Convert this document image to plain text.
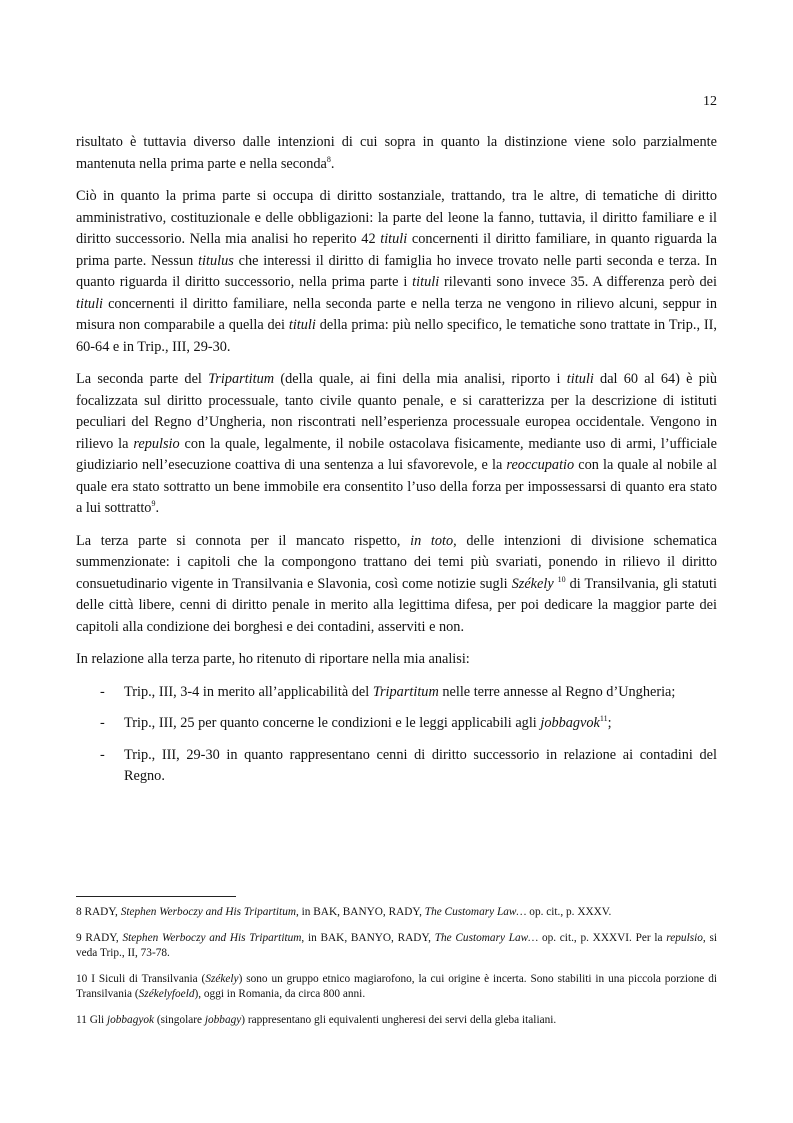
12

risultato è tuttavia diverso dalle intenzioni di cui sopra in quanto la distinzione viene solo parzialmente mantenuta nella prima parte e nella seconda$^8$.

Ciò in quanto la prima parte si occupa di diritto sostanziale, trattando, tra le altre, di tematiche di diritto amministrativo, costituzionale e delle obbligazioni: la parte del leone la fanno, tuttavia, il diritto familiare e il diritto successorio. Nella mia analisi ho reperito 42 tituli concernenti il diritto familiare, in quanto riguarda la prima parte. Nessun titulus che interessi il diritto di famiglia ho invece trovato nelle parti seconda e terza. In quanto riguarda il diritto successorio, nella prima parte i tituli rilevanti sono invece 35. A differenza però dei tituli concernenti il diritto familiare, nella seconda parte e nella terza ne vengono in rilievo alcuni, seppur in misura non comparabile a quella dei tituli della prima: più nello specifico, le tematiche sono trattate in Trip., II, 60-64 e in Trip., III, 29-30.

La seconda parte del Tripartitum (della quale, ai fini della mia analisi, riporto i tituli dal 60 al 64) è più focalizzata sul diritto processuale, tanto civile quanto penale, e si caratterizza per la descrizione di istituti peculiari del Regno d’Ungheria, non riscontrati nell’esperienza processuale europea occidentale. Vengono in rilievo la repulsio con la quale, legalmente, il nobile ostacolava fisicamente, mediante uso di armi, l’ufficiale giudiziario nell’esecuzione coattiva di una sentenza a lui sfavorevole, e la reoccupatio con la quale al nobile al quale era stato sottratto un bene immobile era consentito l’uso della forza per impossessarsi di quanto era stato a lui sottratto$^9$.

La terza parte si connota per il mancato rispetto, in toto, delle intenzioni di divisione schematica summenzionate: i capitoli che la compongono trattano dei temi più svariati, ponendo in rilievo il diritto consuetudinario vigente in Transilvania e Slavonia, così come notizie sugli Székely $^{10}$ di Transilvania, gli statuti delle città libere, cenni di diritto penale in merito alla legittima difesa, per poi dedicare la maggior parte dei capitoli alla condizione dei borghesi e dei contadini, asserviti e non.

In relazione alla terza parte, ho ritenuto di riportare nella mia analisi:

- Trip., III, 3-4 in merito all’applicabilità del Tripartitum nelle terre annesse al Regno d’Ungheria;
- Trip., III, 25 per quanto concerne le condizioni e le leggi applicabili agli jobbagvok$^{11}$;
- Trip., III, 29-30 in quanto rappresentano cenni di diritto successorio in relazione ai contadini del Regno.

8 RADY, Stephen Werboczy and His Tripartitum, in BAK, BANYO, RADY, The Customary Law… op. cit., p. XXXV.

9 RADY, Stephen Werboczy and His Tripartitum, in BAK, BANYO, RADY, The Customary Law… op. cit., p. XXXVI. Per la repulsio, si veda Trip., II, 73-78.

10 I Siculi di Transilvania (Székely) sono un gruppo etnico magiarofono, la cui origine è incerta. Sono stabiliti in una piccola porzione di Transilvania (Székelyfoeld), oggi in Romania, da circa 800 anni.

11 Gli jobbagyok (singolare jobbagy) rappresentano gli equivalenti ungheresi dei servi della gleba italiani.
